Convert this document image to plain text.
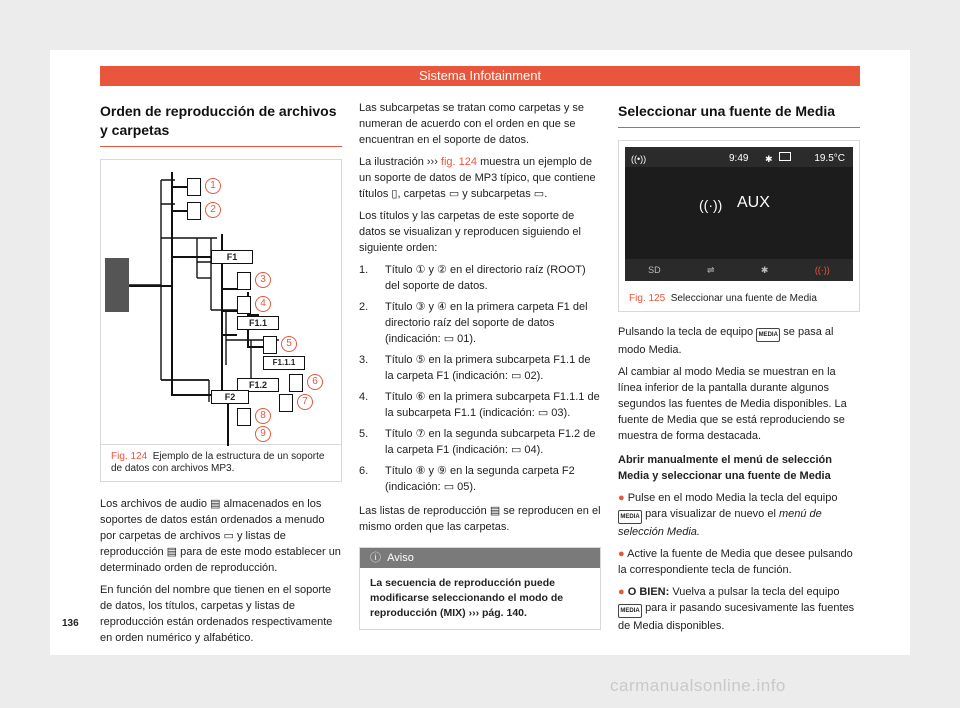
Sistema Infotainment
Orden de reproducción de archivos y carpetas
F1
F1.1
F1.1.1
F1.2
F2
1
2
3
4
5
6
7
8
9
Fig. 124 Ejemplo de la estructura de un soporte de datos con archivos MP3.

Los archivos de audio ▤ almacenados en los soportes de datos están ordenados a menudo por carpetas de archivos ▭ y listas de reproducción ▤ para de este modo establecer un determinado orden de reproducción.

En función del nombre que tienen en el soporte de datos, los títulos, carpetas y listas de reproducción están ordenados respectivamente en orden numérico y alfabético.

Las subcarpetas se tratan como carpetas y se numeran de acuerdo con el orden en que se encuentran en el soporte de datos.

La ilustración ››› fig. 124 muestra un ejemplo de un soporte de datos de MP3 típico, que contiene títulos ▯, carpetas ▭ y subcarpetas ▭.

Los títulos y las carpetas de este soporte de datos se visualizan y reproducen siguiendo el siguiente orden:

1. Título ① y ② en el directorio raíz (ROOT) del soporte de datos.
2. Título ③ y ④ en la primera carpeta F1 del directorio raíz del soporte de datos (indicación: ▭ 01).
3. Título ⑤ en la primera subcarpeta F1.1 de la carpeta F1 (indicación: ▭ 02).
4. Título ⑥ en la primera subcarpeta F1.1.1 de la subcarpeta F1.1 (indicación: ▭ 03).
5. Título ⑦ en la segunda subcarpeta F1.2 de la carpeta F1 (indicación: ▭ 04).
6. Título ⑧ y ⑨ en la segunda carpeta F2 (indicación: ▭ 05).

Las listas de reproducción ▤ se reproducen en el mismo orden que las carpetas.

ⓘ Aviso
La secuencia de reproducción puede modificarse seleccionando el modo de reproducción (MIX) ››› pág. 140.
Seleccionar una fuente de Media
((•))	9:49 ✱	19.5°C
((·)) AUX
SD	⇌	✱	((·))
Fig. 125 Seleccionar una fuente de Media

Pulsando la tecla de equipo MEDIA se pasa al modo Media.

Al cambiar al modo Media se muestran en la línea inferior de la pantalla durante algunos segundos las fuentes de Media disponibles. La fuente de Media que se está reproduciendo se muestra de forma destacada.

Abrir manualmente el menú de selección Media y seleccionar una fuente de Media

● Pulse en el modo Media la tecla del equipo MEDIA para visualizar de nuevo el menú de selección Media.

● Active la fuente de Media que desee pulsando la correspondiente tecla de función.

● O BIEN: Vuelva a pulsar la tecla del equipo MEDIA para ir pasando sucesivamente las fuentes de Media disponibles.

136
carmanualsonline.info
